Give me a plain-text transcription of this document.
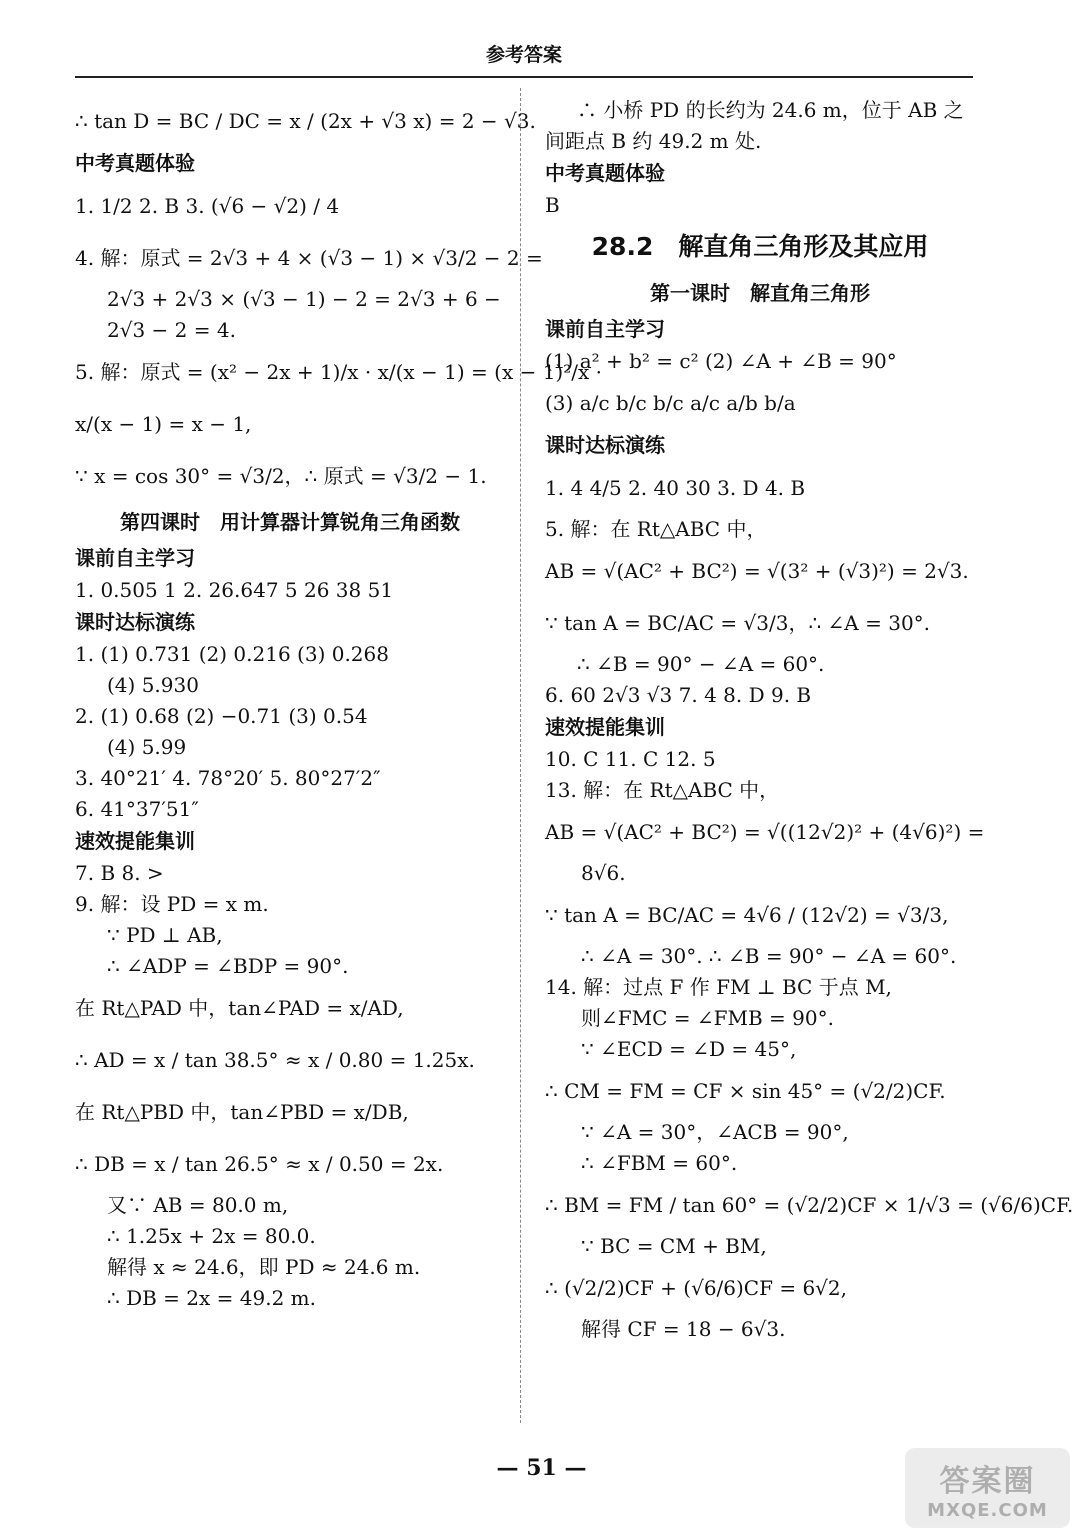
参考答案
∴ tan D = BC / DC = x / (2x + √3 x) = 2 − √3.
中考真题体验
1. 1/2 2. B 3. (√6 − √2) / 4
4. 解：原式 = 2√3 + 4 × (√3 − 1) × √3/2 − 2 =
2√3 + 2√3 × (√3 − 1) − 2 = 2√3 + 6 −
2√3 − 2 = 4.
5. 解：原式 = (x² − 2x + 1)/x · x/(x − 1) = (x − 1)²/x ·
x/(x − 1) = x − 1,
∵ x = cos 30° = √3/2，∴ 原式 = √3/2 − 1.
第四课时　用计算器计算锐角三角函数
课前自主学习
1. 0.505 1 2. 26.647 5 26 38 51
课时达标演练
1. (1) 0.731 (2) 0.216 (3) 0.268
(4) 5.930
2. (1) 0.68 (2) −0.71 (3) 0.54
(4) 5.99
3. 40°21′ 4. 78°20′ 5. 80°27′2″
6. 41°37′51″
速效提能集训
7. B 8. >
9. 解：设 PD = x m.
∵ PD ⊥ AB,
∴ ∠ADP = ∠BDP = 90°.
在 Rt△PAD 中，tan∠PAD = x/AD,
∴ AD = x / tan 38.5° ≈ x / 0.80 = 1.25x.
在 Rt△PBD 中，tan∠PBD = x/DB,
∴ DB = x / tan 26.5° ≈ x / 0.50 = 2x.
又∵ AB = 80.0 m,
∴ 1.25x + 2x = 80.0.
解得 x ≈ 24.6，即 PD ≈ 24.6 m.
∴ DB = 2x = 49.2 m.
∴ 小桥 PD 的长约为 24.6 m，位于 AB 之
间距点 B 约 49.2 m 处.
中考真题体验
B
28.2　解直角三角形及其应用
第一课时　解直角三角形
课前自主学习
(1) a² + b² = c² (2) ∠A + ∠B = 90°
(3) a/c b/c b/c a/c a/b b/a
课时达标演练
1. 4 4/5 2. 40 30 3. D 4. B
5. 解：在 Rt△ABC 中，
AB = √(AC² + BC²) = √(3² + (√3)²) = 2√3.
∵ tan A = BC/AC = √3/3，∴ ∠A = 30°.
∴ ∠B = 90° − ∠A = 60°.
6. 60 2√3 √3 7. 4 8. D 9. B
速效提能集训
10. C 11. C 12. 5
13. 解：在 Rt△ABC 中，
AB = √(AC² + BC²) = √((12√2)² + (4√6)²) =
8√6.
∵ tan A = BC/AC = 4√6 / (12√2) = √3/3,
∴ ∠A = 30°. ∴ ∠B = 90° − ∠A = 60°.
14. 解：过点 F 作 FM ⊥ BC 于点 M,
则∠FMC = ∠FMB = 90°.
∵ ∠ECD = ∠D = 45°,
∴ CM = FM = CF × sin 45° = (√2/2)CF.
∵ ∠A = 30°，∠ACB = 90°,
∴ ∠FBM = 60°.
∴ BM = FM / tan 60° = (√2/2)CF × 1/√3 = (√6/6)CF.
∵ BC = CM + BM,
∴ (√2/2)CF + (√6/6)CF = 6√2,
解得 CF = 18 − 6√3.
— 51 —	答案圈
MXQE.COM
